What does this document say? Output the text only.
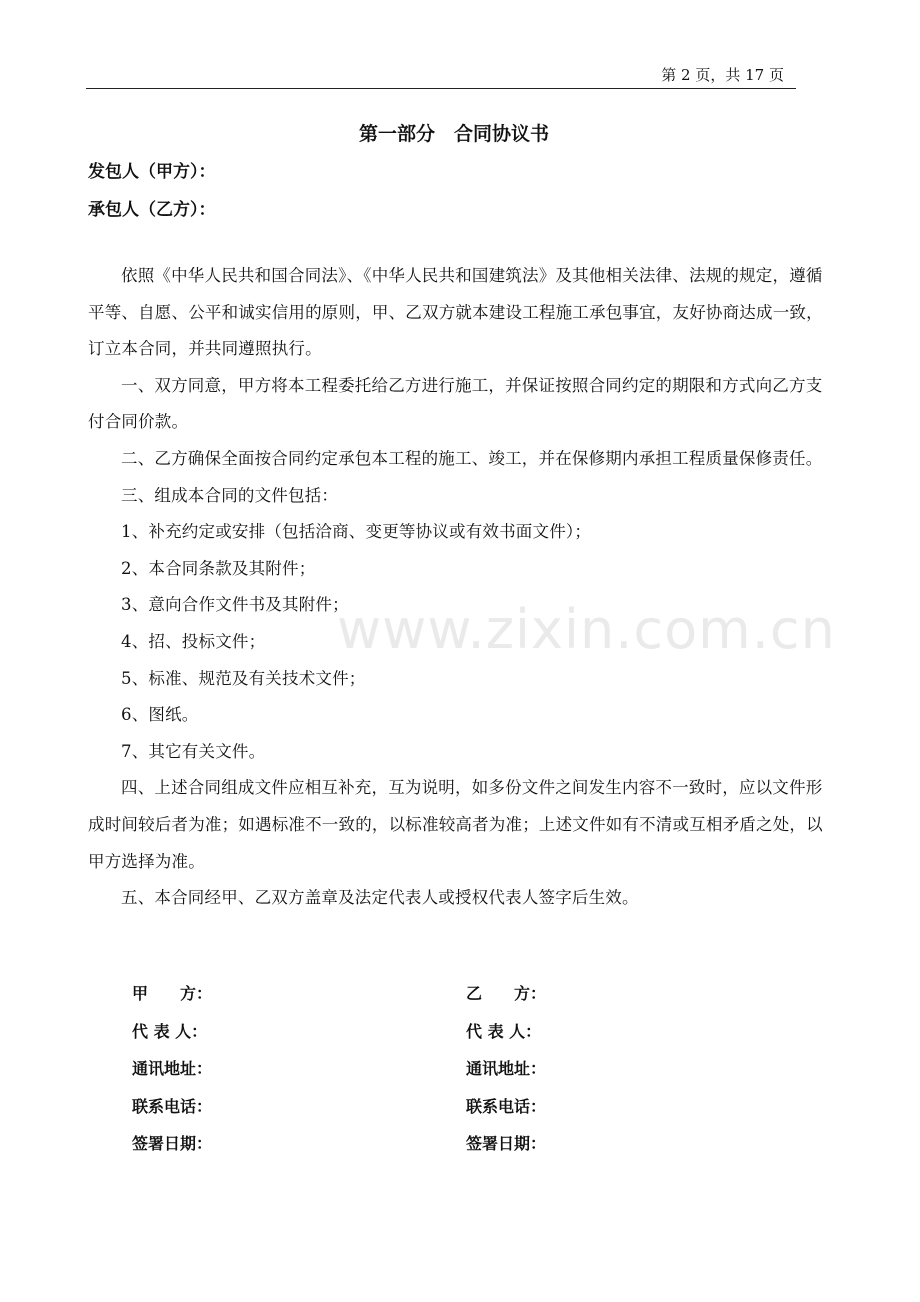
第 2 页，共 17 页
第一部分　合同协议书
发包人（甲方）：
承包人（乙方）：

依照《中华人民共和国合同法》、《中华人民共和国建筑法》及其他相关法律、法规的规定，遵循平等、自愿、公平和诚实信用的原则，甲、乙双方就本建设工程施工承包事宜，友好协商达成一致，订立本合同，并共同遵照执行。

一、双方同意，甲方将本工程委托给乙方进行施工，并保证按照合同约定的期限和方式向乙方支付合同价款。

二、乙方确保全面按合同约定承包本工程的施工、竣工，并在保修期内承担工程质量保修责任。

三、组成本合同的文件包括：

1、补充约定或安排（包括洽商、变更等协议或有效书面文件）；

2、本合同条款及其附件；

3、意向合作文件书及其附件；

4、招、投标文件；

5、标准、规范及有关技术文件；

6、图纸。

7、其它有关文件。

四、上述合同组成文件应相互补充，互为说明，如多份文件之间发生内容不一致时，应以文件形成时间较后者为准；如遇标准不一致的，以标准较高者为准；上述文件如有不清或互相矛盾之处，以甲方选择为准。

五、本合同经甲、乙双方盖章及法定代表人或授权代表人签字后生效。

甲　　方：
代 表 人：
通讯地址：
联系电话：
签署日期：
乙　　方：
代 表 人：
通讯地址：
联系电话：
签署日期：
www.zixin.com.cn
